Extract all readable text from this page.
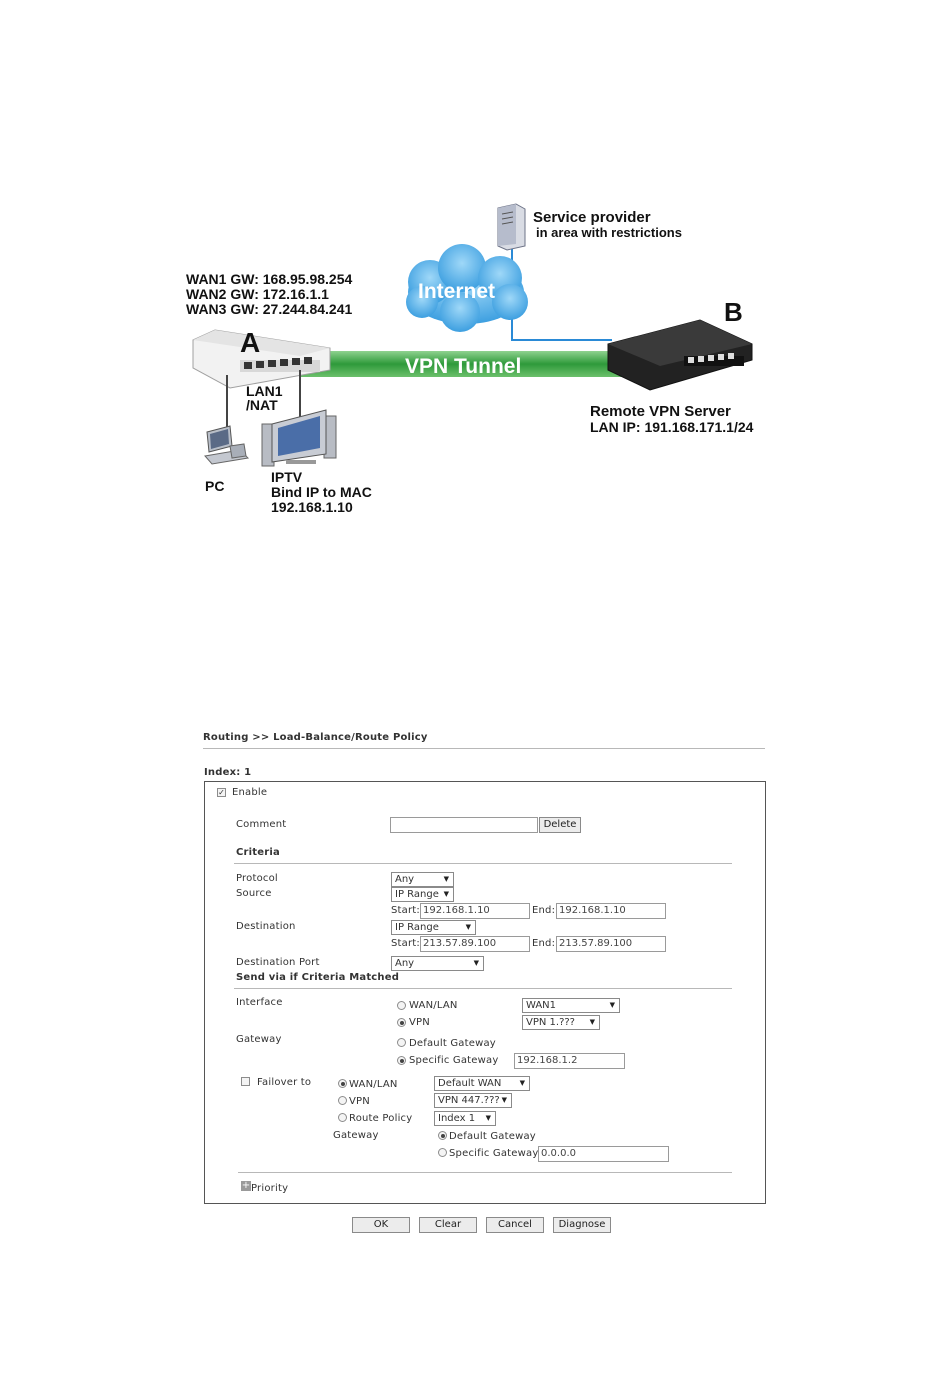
Service provider
in area with restrictions
Internet
WAN1 GW: 168.95.98.254
WAN2 GW: 172.16.1.1
WAN3 GW: 27.244.84.241
A
B
VPN Tunnel
LAN1
/NAT
PC
IPTV
Bind IP to MAC
192.168.1.10
Remote VPN Server
LAN IP: 191.168.171.1/24
Routing >> Load-Balance/Route Policy
Index: 1
✓ Enable
Comment	Delete
Criteria
Protocol	Any	▼
Source	IP Range ▼
Start: 192.168.1.10	End: 192.168.1.10
Destination	IP Range	▼
Start: 213.57.89.100	End: 213.57.89.100
Destination Port	Any	▼
Send via if Criteria Matched
Interface	WAN/LAN	WAN1	▼
VPN	VPN 1.??? ▼
Gateway	Default Gateway
Specific Gateway	192.168.1.2
Failover to	WAN/LAN	Default WAN	▼
VPN	VPN 447.??? ▼
Route Policy	Index 1 ▼
Gateway	Default Gateway
Specific Gateway 0.0.0.0
+ Priority
OK	Clear	Cancel	Diagnose
